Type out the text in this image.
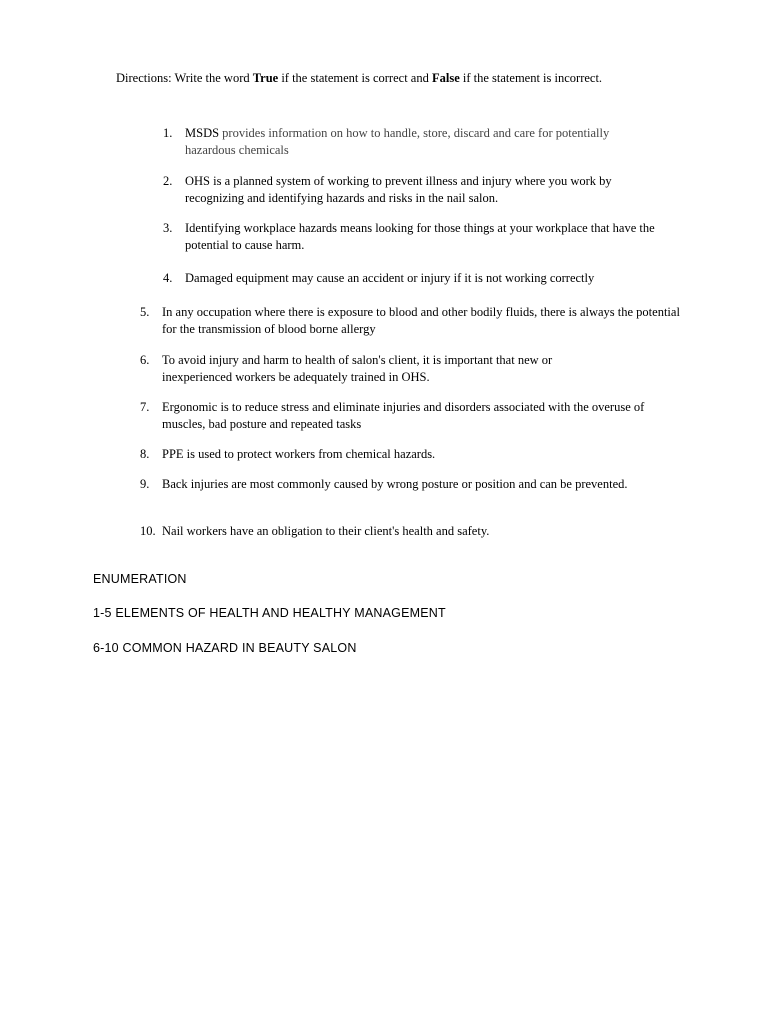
Directions: Write the word True if the statement is correct and False if the statement is incorrect.
1.	MSDS provides information on how to handle, store, discard and care for potentially hazardous chemicals
2.	OHS is a planned system of working to prevent illness and injury where you work by recognizing and identifying hazards and risks in the nail salon.
3.	Identifying workplace hazards means looking for those things at your workplace that have the potential to cause harm.
4.	Damaged equipment may cause an accident or injury if it is not working correctly
5.	In any occupation where there is exposure to blood and other bodily fluids, there is always the potential for the transmission of blood borne allergy
6.	To avoid injury and harm to health of salon's client, it is important that new or inexperienced workers be adequately trained in OHS.
7.	Ergonomic is to reduce stress and eliminate injuries and disorders associated with the overuse of muscles, bad posture and repeated tasks
8.	PPE is used to protect workers from chemical hazards.
9.	Back injuries are most commonly caused by wrong posture or position and can be prevented.
10. Nail workers have an obligation to their client's health and safety.
ENUMERATION
1-5 ELEMENTS OF HEALTH AND HEALTHY MANAGEMENT
6-10 COMMON HAZARD IN BEAUTY SALON
